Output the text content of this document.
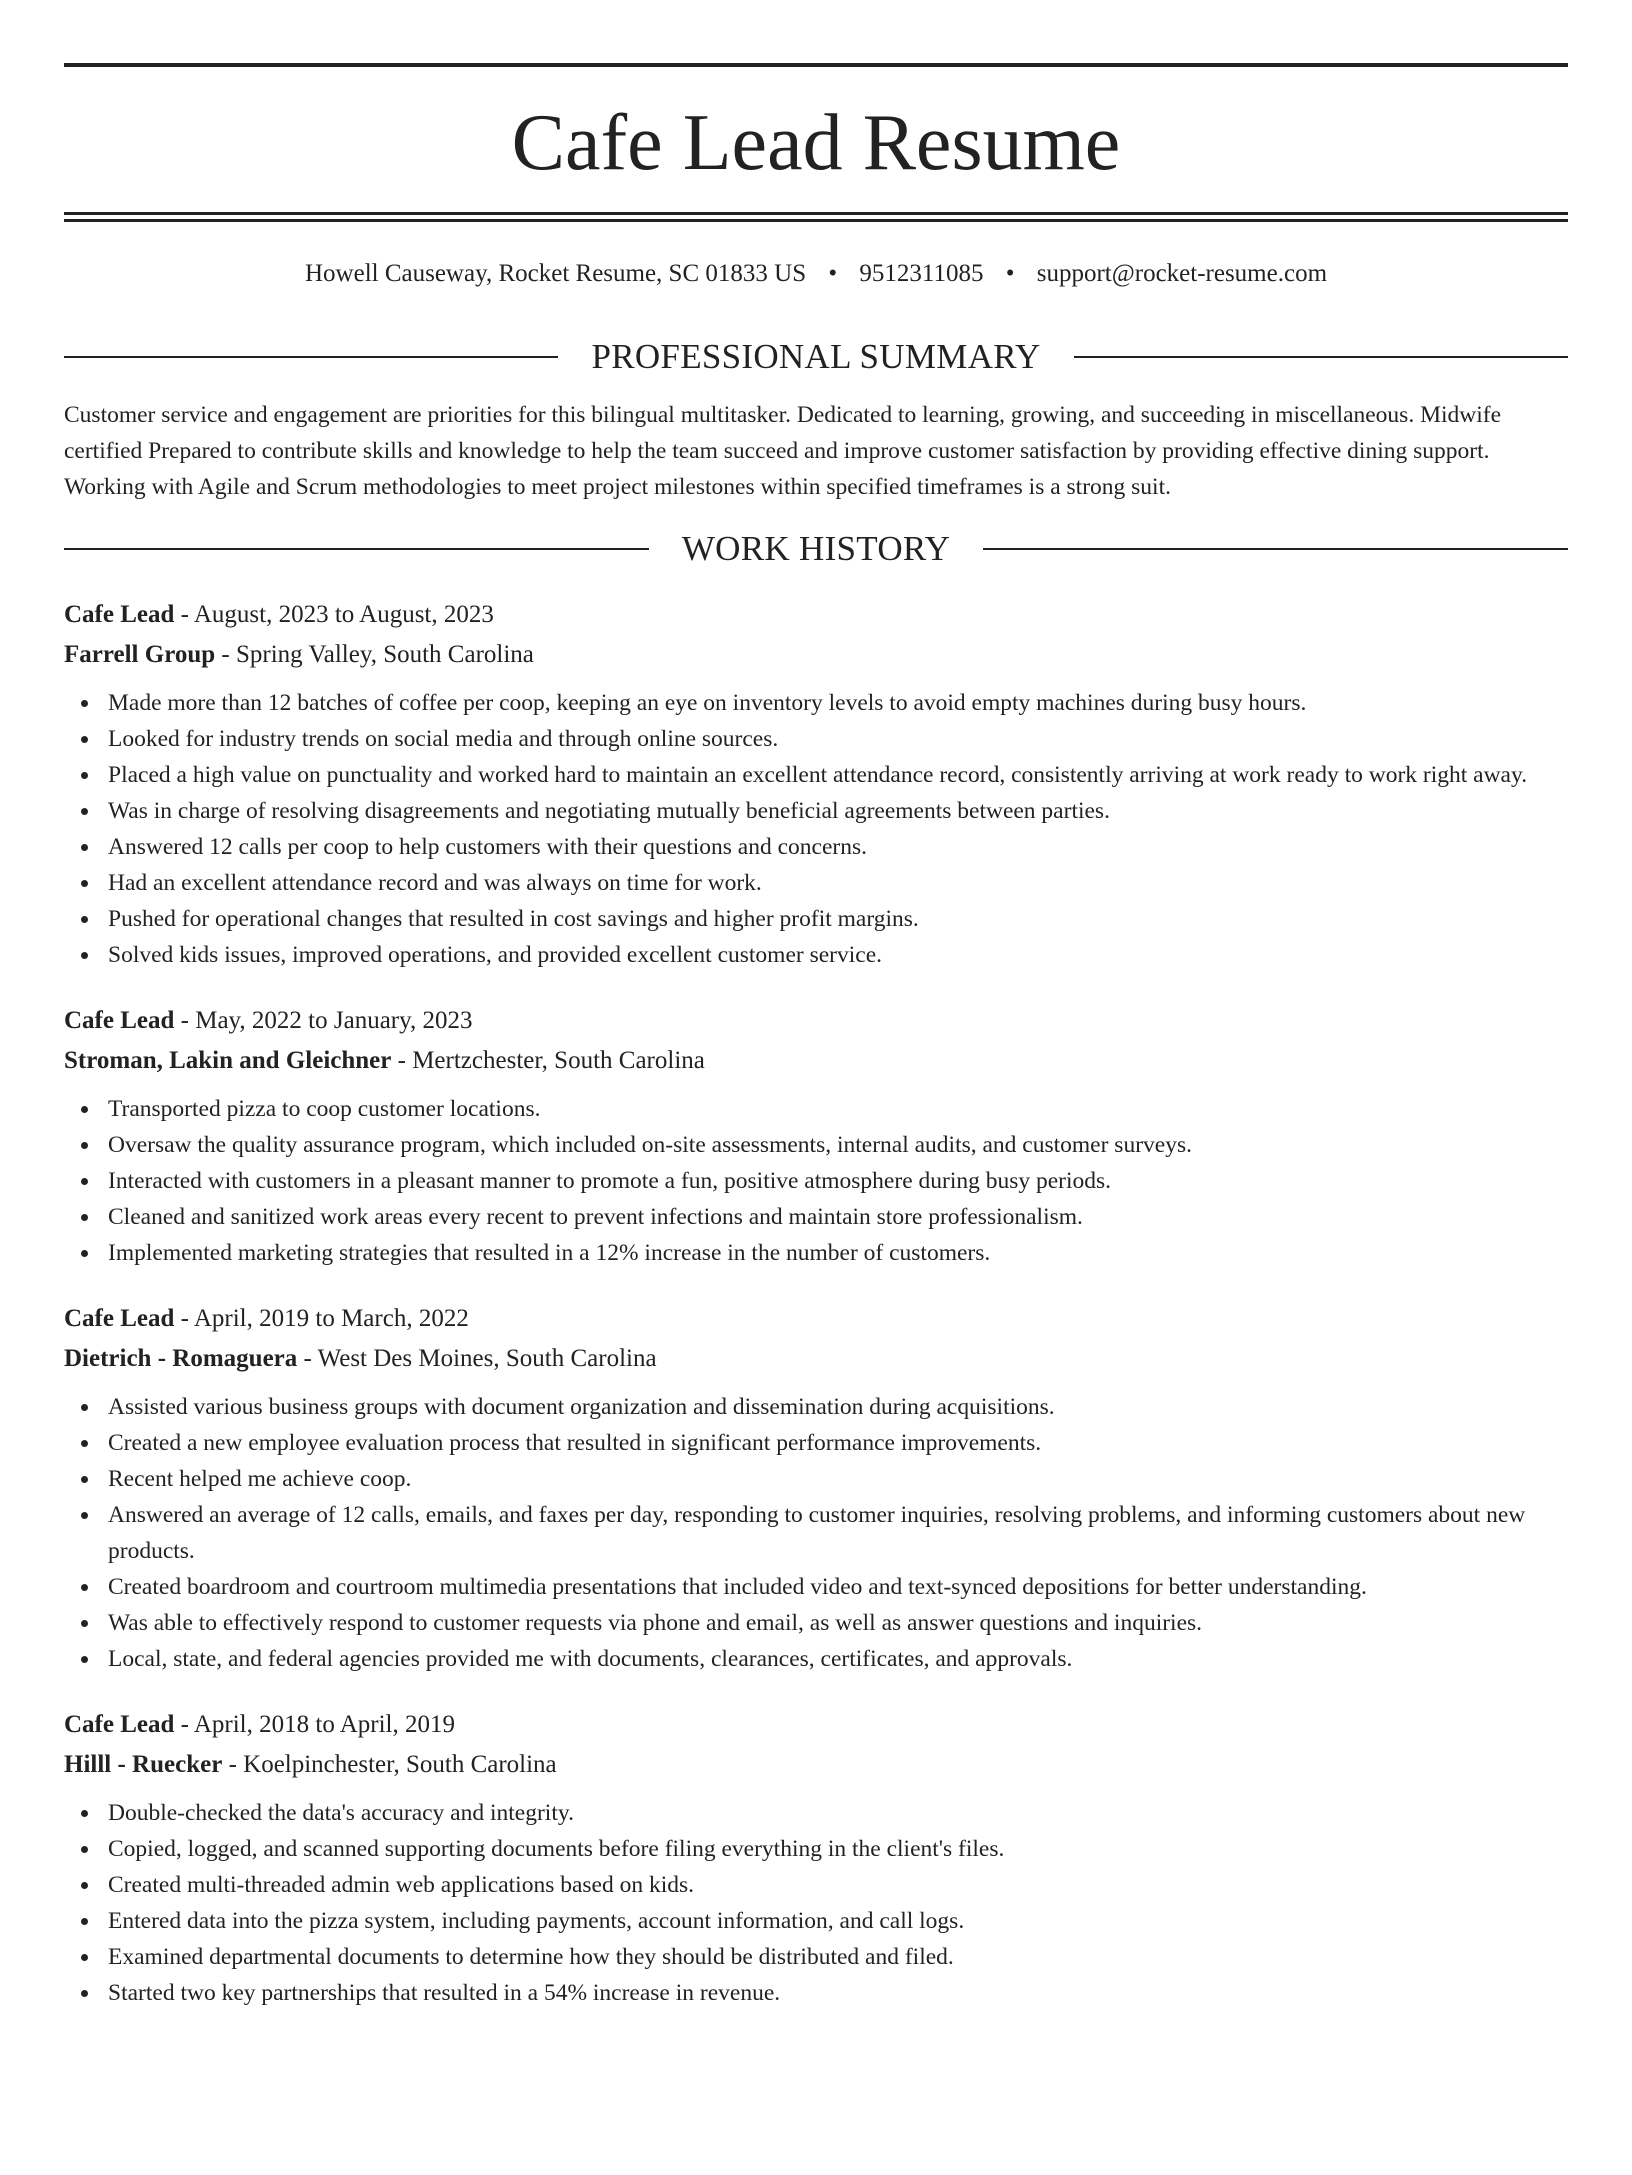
Cafe Lead Resume
Howell Causeway, Rocket Resume, SC 01833 US • 9512311085 • support@rocket-resume.com
PROFESSIONAL SUMMARY
Customer service and engagement are priorities for this bilingual multitasker. Dedicated to learning, growing, and succeeding in miscellaneous. Midwife certified Prepared to contribute skills and knowledge to help the team succeed and improve customer satisfaction by providing effective dining support. Working with Agile and Scrum methodologies to meet project milestones within specified timeframes is a strong suit.
WORK HISTORY
Cafe Lead - August, 2023 to August, 2023
Farrell Group - Spring Valley, South Carolina
Made more than 12 batches of coffee per coop, keeping an eye on inventory levels to avoid empty machines during busy hours.
Looked for industry trends on social media and through online sources.
Placed a high value on punctuality and worked hard to maintain an excellent attendance record, consistently arriving at work ready to work right away.
Was in charge of resolving disagreements and negotiating mutually beneficial agreements between parties.
Answered 12 calls per coop to help customers with their questions and concerns.
Had an excellent attendance record and was always on time for work.
Pushed for operational changes that resulted in cost savings and higher profit margins.
Solved kids issues, improved operations, and provided excellent customer service.
Cafe Lead - May, 2022 to January, 2023
Stroman, Lakin and Gleichner - Mertzchester, South Carolina
Transported pizza to coop customer locations.
Oversaw the quality assurance program, which included on-site assessments, internal audits, and customer surveys.
Interacted with customers in a pleasant manner to promote a fun, positive atmosphere during busy periods.
Cleaned and sanitized work areas every recent to prevent infections and maintain store professionalism.
Implemented marketing strategies that resulted in a 12% increase in the number of customers.
Cafe Lead - April, 2019 to March, 2022
Dietrich - Romaguera - West Des Moines, South Carolina
Assisted various business groups with document organization and dissemination during acquisitions.
Created a new employee evaluation process that resulted in significant performance improvements.
Recent helped me achieve coop.
Answered an average of 12 calls, emails, and faxes per day, responding to customer inquiries, resolving problems, and informing customers about new products.
Created boardroom and courtroom multimedia presentations that included video and text-synced depositions for better understanding.
Was able to effectively respond to customer requests via phone and email, as well as answer questions and inquiries.
Local, state, and federal agencies provided me with documents, clearances, certificates, and approvals.
Cafe Lead - April, 2018 to April, 2019
Hilll - Ruecker - Koelpinchester, South Carolina
Double-checked the data's accuracy and integrity.
Copied, logged, and scanned supporting documents before filing everything in the client's files.
Created multi-threaded admin web applications based on kids.
Entered data into the pizza system, including payments, account information, and call logs.
Examined departmental documents to determine how they should be distributed and filed.
Started two key partnerships that resulted in a 54% increase in revenue.
